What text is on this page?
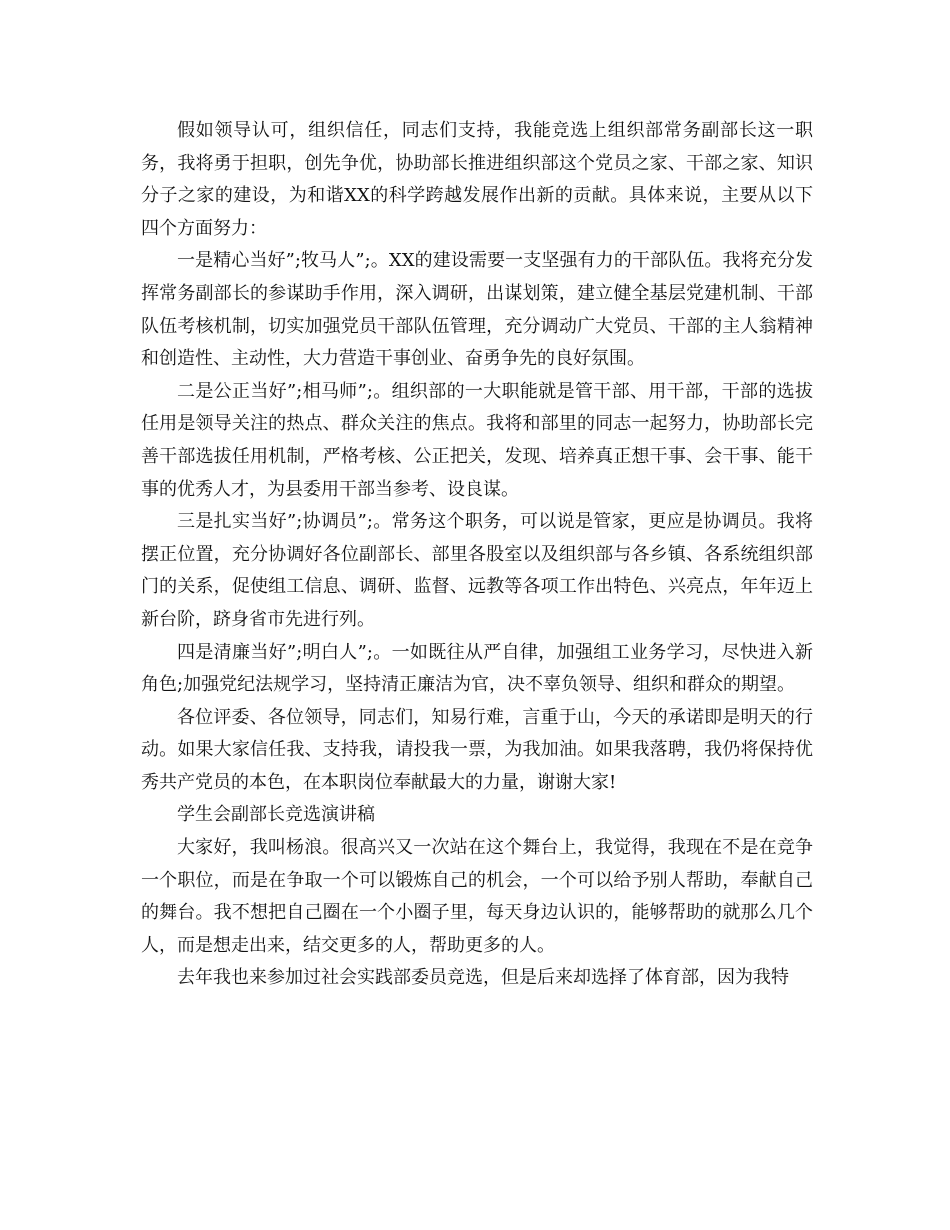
假如领导认可，组织信任，同志们支持，我能竞选上组织部常务副部长这一职务，我将勇于担职，创先争优，协助部长推进组织部这个党员之家、干部之家、知识分子之家的建设，为和谐XX的科学跨越发展作出新的贡献。具体来说，主要从以下四个方面努力：

一是精心当好”;牧马人”;。XX的建设需要一支坚强有力的干部队伍。我将充分发挥常务副部长的参谋助手作用，深入调研，出谋划策，建立健全基层党建机制、干部队伍考核机制，切实加强党员干部队伍管理，充分调动广大党员、干部的主人翁精神和创造性、主动性，大力营造干事创业、奋勇争先的良好氛围。

二是公正当好”;相马师”;。组织部的一大职能就是管干部、用干部，干部的选拔任用是领导关注的热点、群众关注的焦点。我将和部里的同志一起努力，协助部长完善干部选拔任用机制，严格考核、公正把关，发现、培养真正想干事、会干事、能干事的优秀人才，为县委用干部当参考、设良谋。

三是扎实当好”;协调员”;。常务这个职务，可以说是管家，更应是协调员。我将摆正位置，充分协调好各位副部长、部里各股室以及组织部与各乡镇、各系统组织部门的关系，促使组工信息、调研、监督、远教等各项工作出特色、兴亮点，年年迈上新台阶，跻身省市先进行列。

四是清廉当好”;明白人”;。一如既往从严自律，加强组工业务学习，尽快进入新角色;加强党纪法规学习，坚持清正廉洁为官，决不辜负领导、组织和群众的期望。

各位评委、各位领导，同志们，知易行难，言重于山，今天的承诺即是明天的行动。如果大家信任我、支持我，请投我一票，为我加油。如果我落聘，我仍将保持优秀共产党员的本色，在本职岗位奉献最大的力量，谢谢大家!

学生会副部长竞选演讲稿

大家好，我叫杨浪。很高兴又一次站在这个舞台上，我觉得，我现在不是在竞争一个职位，而是在争取一个可以锻炼自己的机会，一个可以给予别人帮助，奉献自己的舞台。我不想把自己圈在一个小圈子里，每天身边认识的，能够帮助的就那么几个人，而是想走出来，结交更多的人，帮助更多的人。

去年我也来参加过社会实践部委员竞选，但是后来却选择了体育部，因为我特
